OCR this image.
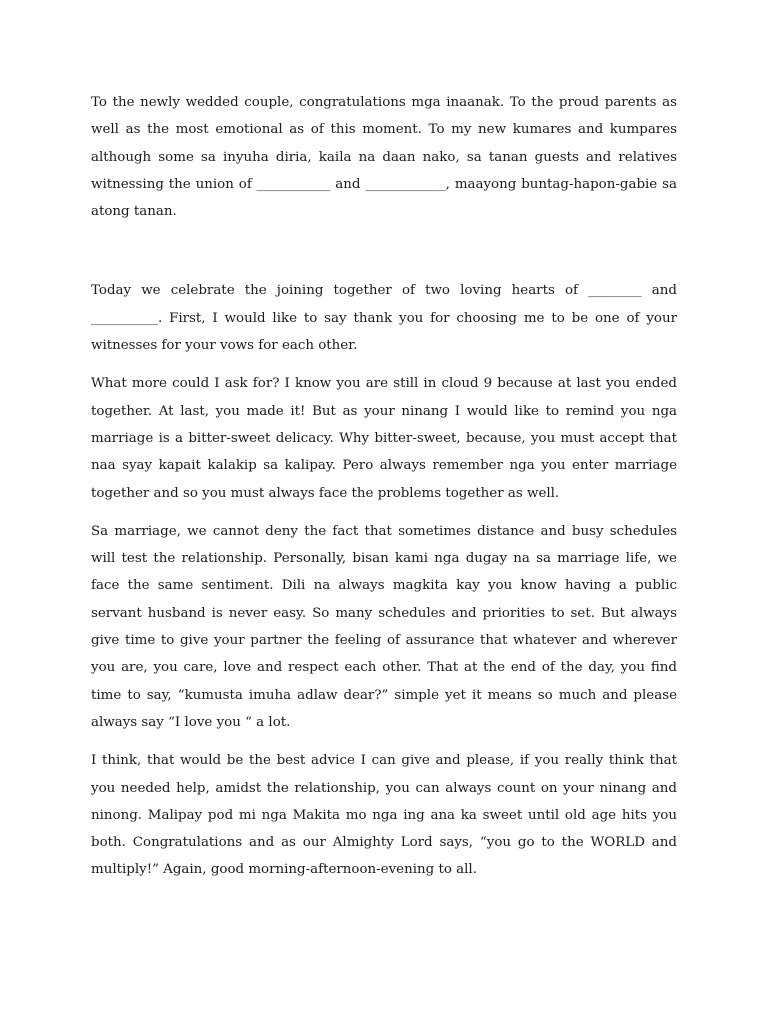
To the newly wedded couple, congratulations mga inaanak. To the proud parents as well as the most emotional as of this moment. To my new kumares and kumpares although some sa inyuha diria, kaila na daan nako, sa tanan guests and relatives witnessing the union of ___________ and ____________, maayong buntag-hapon-gabie sa atong tanan.

Today we celebrate the joining together of two loving hearts of ________ and __________. First, I would like to say thank you for choosing me to be one of your witnesses for your vows for each other.

What more could I ask for? I know you are still in cloud 9 because at last you ended together. At last, you made it! But as your ninang I would like to remind you nga marriage is a bitter-sweet delicacy. Why bitter-sweet, because, you must accept that naa syay kapait kalakip sa kalipay. Pero always remember nga you enter marriage together and so you must always face the problems together as well.

Sa marriage, we cannot deny the fact that sometimes distance and busy schedules will test the relationship. Personally, bisan kami nga dugay na sa marriage life, we face the same sentiment. Dili na always magkita kay you know having a public servant husband is never easy. So many schedules and priorities to set. But always give time to give your partner the feeling of assurance that whatever and wherever you are, you care, love and respect each other. That at the end of the day, you find time to say, “kumusta imuha adlaw dear?” simple yet it means so much and please always say “I love you “ a lot.

I think, that would be the best advice I can give and please, if you really think that you needed help, amidst the relationship, you can always count on your ninang and ninong. Malipay pod mi nga Makita mo nga ing ana ka sweet until old age hits you both. Congratulations and as our Almighty Lord says, “you go to the WORLD and multiply!” Again, good morning-afternoon-evening to all.
